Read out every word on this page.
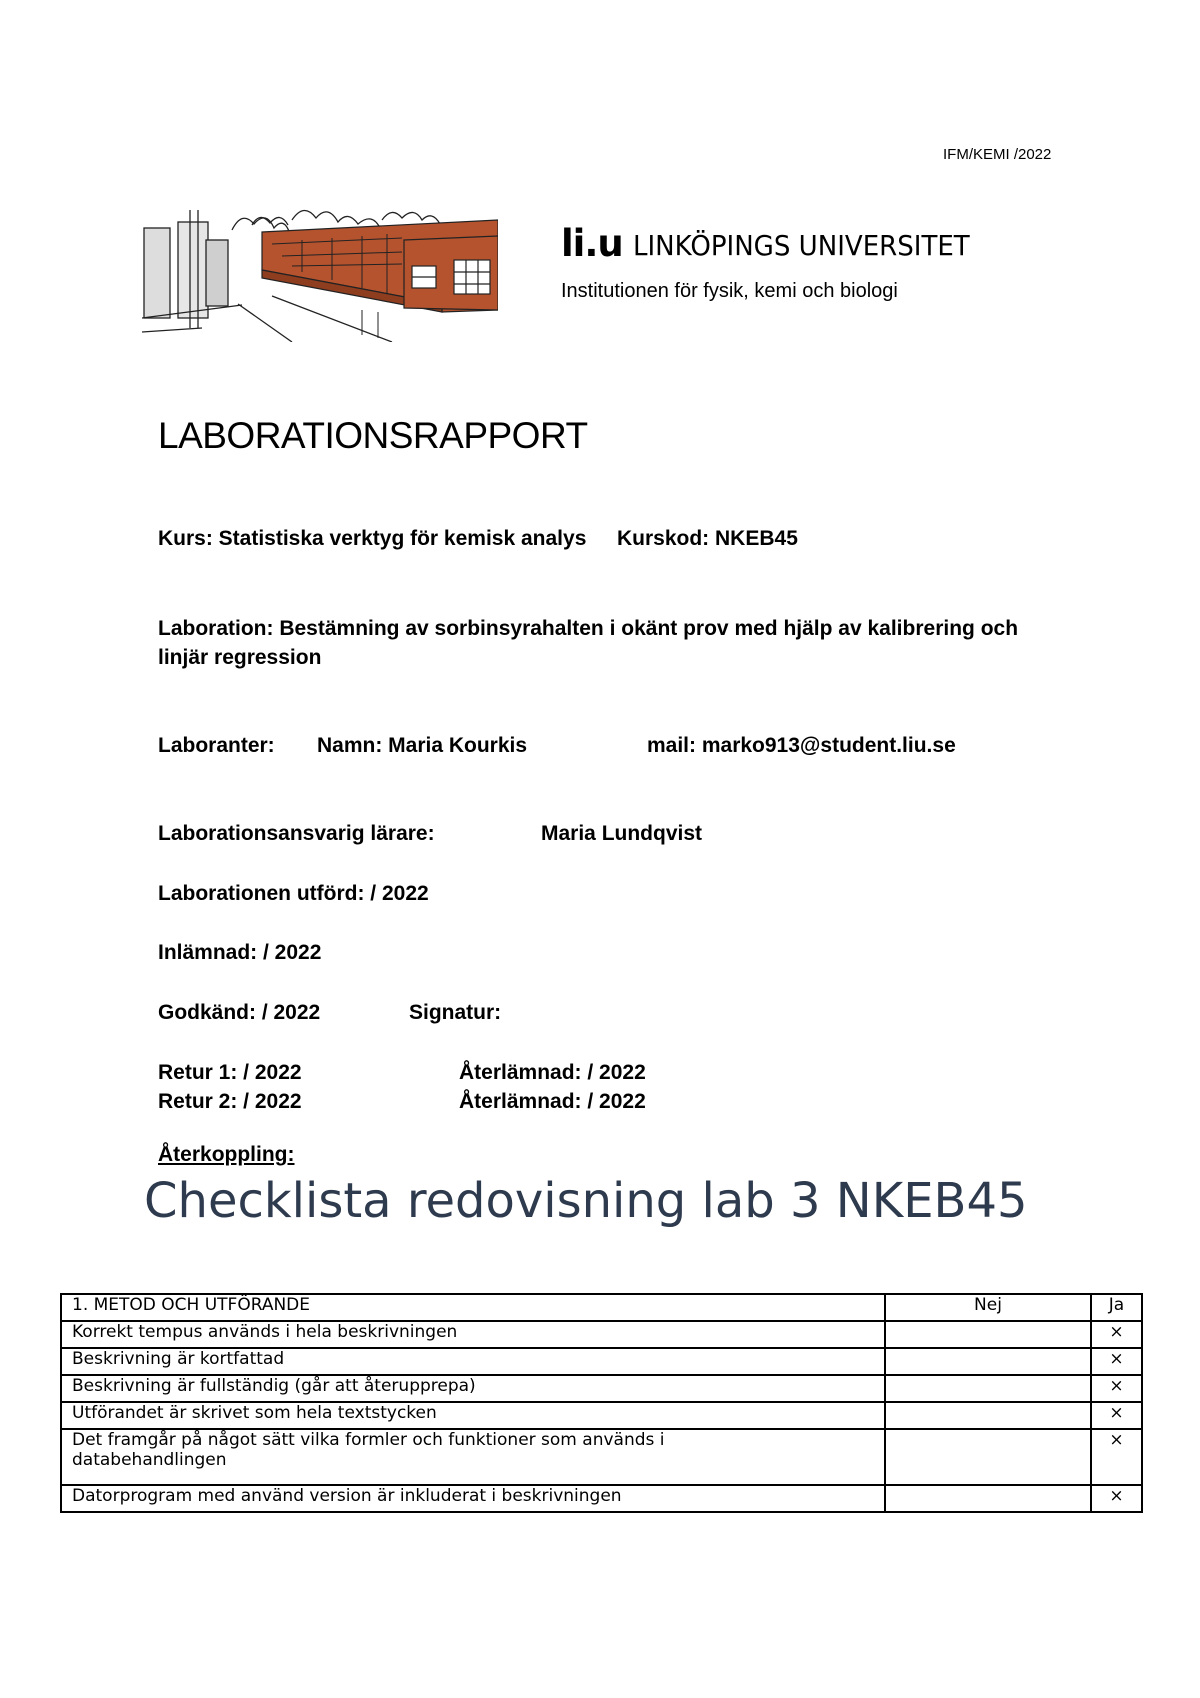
IFM/KEMI /2022
li.u LINKÖPINGS UNIVERSITET
Institutionen för fysik, kemi och biologi
LABORATIONSRAPPORT
Kurs: Statistiska verktyg för kemisk analys Kurskod: NKEB45
Laboration: Bestämning av sorbinsyrahalten i okänt prov med hjälp av kalibrering och linjär regression
Laboranter: Namn: Maria Kourkis	mail: marko913@student.liu.se
Laborationsansvarig lärare:	Maria Lundqvist
Laborationen utförd: / 2022
Inlämnad: / 2022
Godkänd: / 2022	Signatur:
Retur 1: / 2022	Återlämnad: / 2022
Retur 2: / 2022	Återlämnad: / 2022
Återkoppling:
Checklista redovisning lab 3 NKEB45
1. METOD OCH UTFÖRANDE	Nej	Ja
Korrekt tempus används i hela beskrivningen		×
Beskrivning är kortfattad		×
Beskrivning är fullständig (går att återupprepa)		×
Utförandet är skrivet som hela textstycken		×
Det framgår på något sätt vilka formler och funktioner som används i databehandlingen		×
Datorprogram med använd version är inkluderat i beskrivningen		×
